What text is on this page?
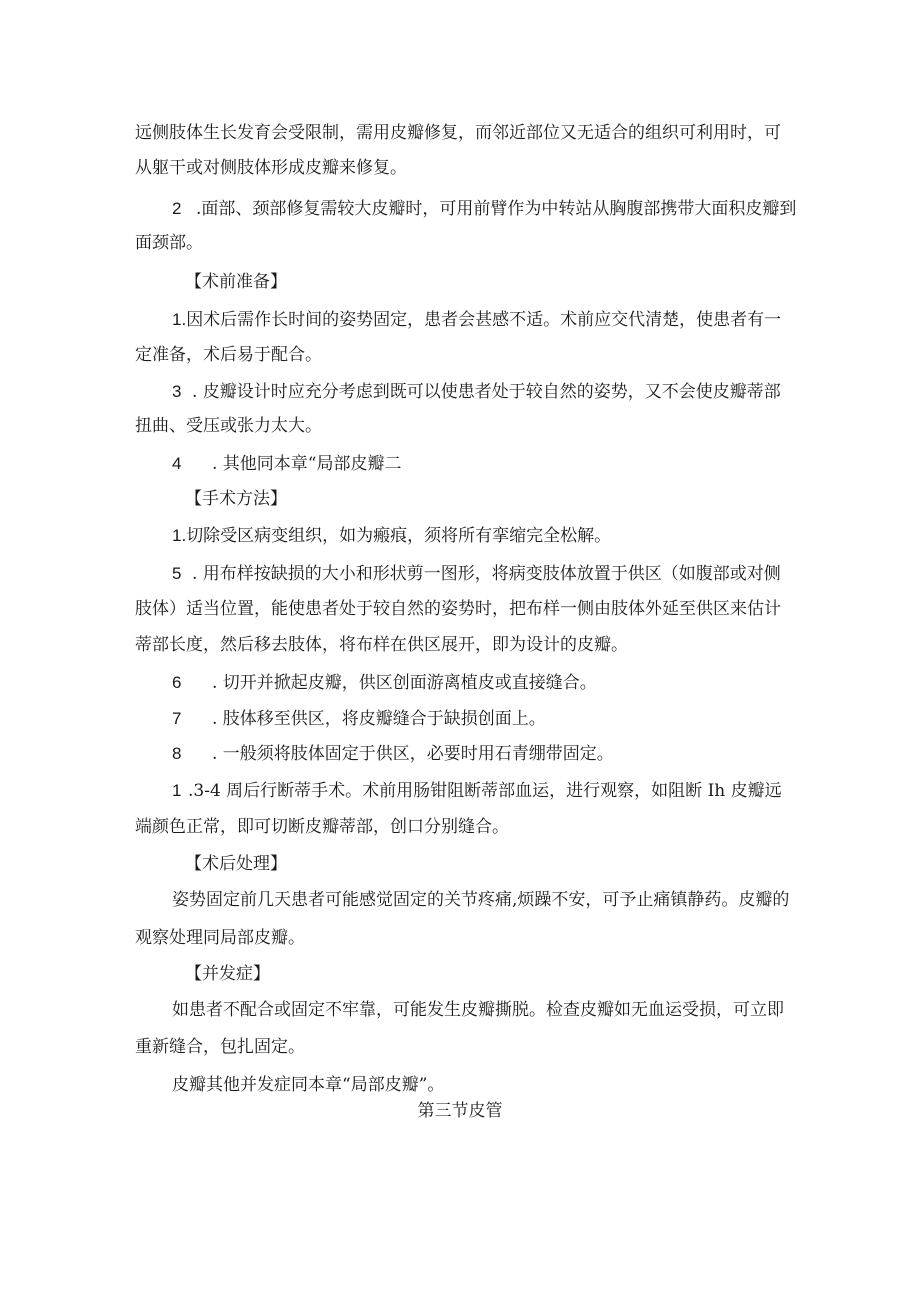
远侧肢体生长发育会受限制，需用皮瓣修复，而邻近部位又无适合的组织可利用时，可
从躯干或对侧肢体形成皮瓣来修复。
2 .面部、颈部修复需较大皮瓣时，可用前臂作为中转站从胸腹部携带大面积皮瓣到
面颈部。
【术前准备】
1.因术后需作长时间的姿势固定，患者会甚感不适。术前应交代清楚，使患者有一
定准备，术后易于配合。
3 . 皮瓣设计时应充分考虑到既可以使患者处于较自然的姿势，又不会使皮瓣蒂部
扭曲、受压或张力太大。
4 . 其他同本章“局部皮瓣二
【手术方法】
1.切除受区病变组织，如为瘢痕，须将所有挛缩完全松解。
5 . 用布样按缺损的大小和形状剪一图形，将病变肢体放置于供区（如腹部或对侧
肢体）适当位置，能使患者处于较自然的姿势时，把布样一侧由肢体外延至供区来估计
蒂部长度，然后移去肢体，将布样在供区展开，即为设计的皮瓣。
6 . 切开并掀起皮瓣，供区创面游离植皮或直接缝合。
7 . 肢体移至供区，将皮瓣缝合于缺损创面上。
8 . 一般须将肢体固定于供区，必要时用石青绷带固定。
1 .3-4 周后行断蒂手术。术前用肠钳阻断蒂部血运，进行观察，如阻断 Ih 皮瓣远
端颜色正常，即可切断皮瓣蒂部，创口分别缝合。
【术后处理】
姿势固定前几天患者可能感觉固定的关节疼痛,烦躁不安，可予止痛镇静药。皮瓣的
观察处理同局部皮瓣。
【并发症】
如患者不配合或固定不牢靠，可能发生皮瓣撕脱。检查皮瓣如无血运受损，可立即
重新缝合，包扎固定。
皮瓣其他并发症同本章“局部皮瓣”。
第三节皮管
